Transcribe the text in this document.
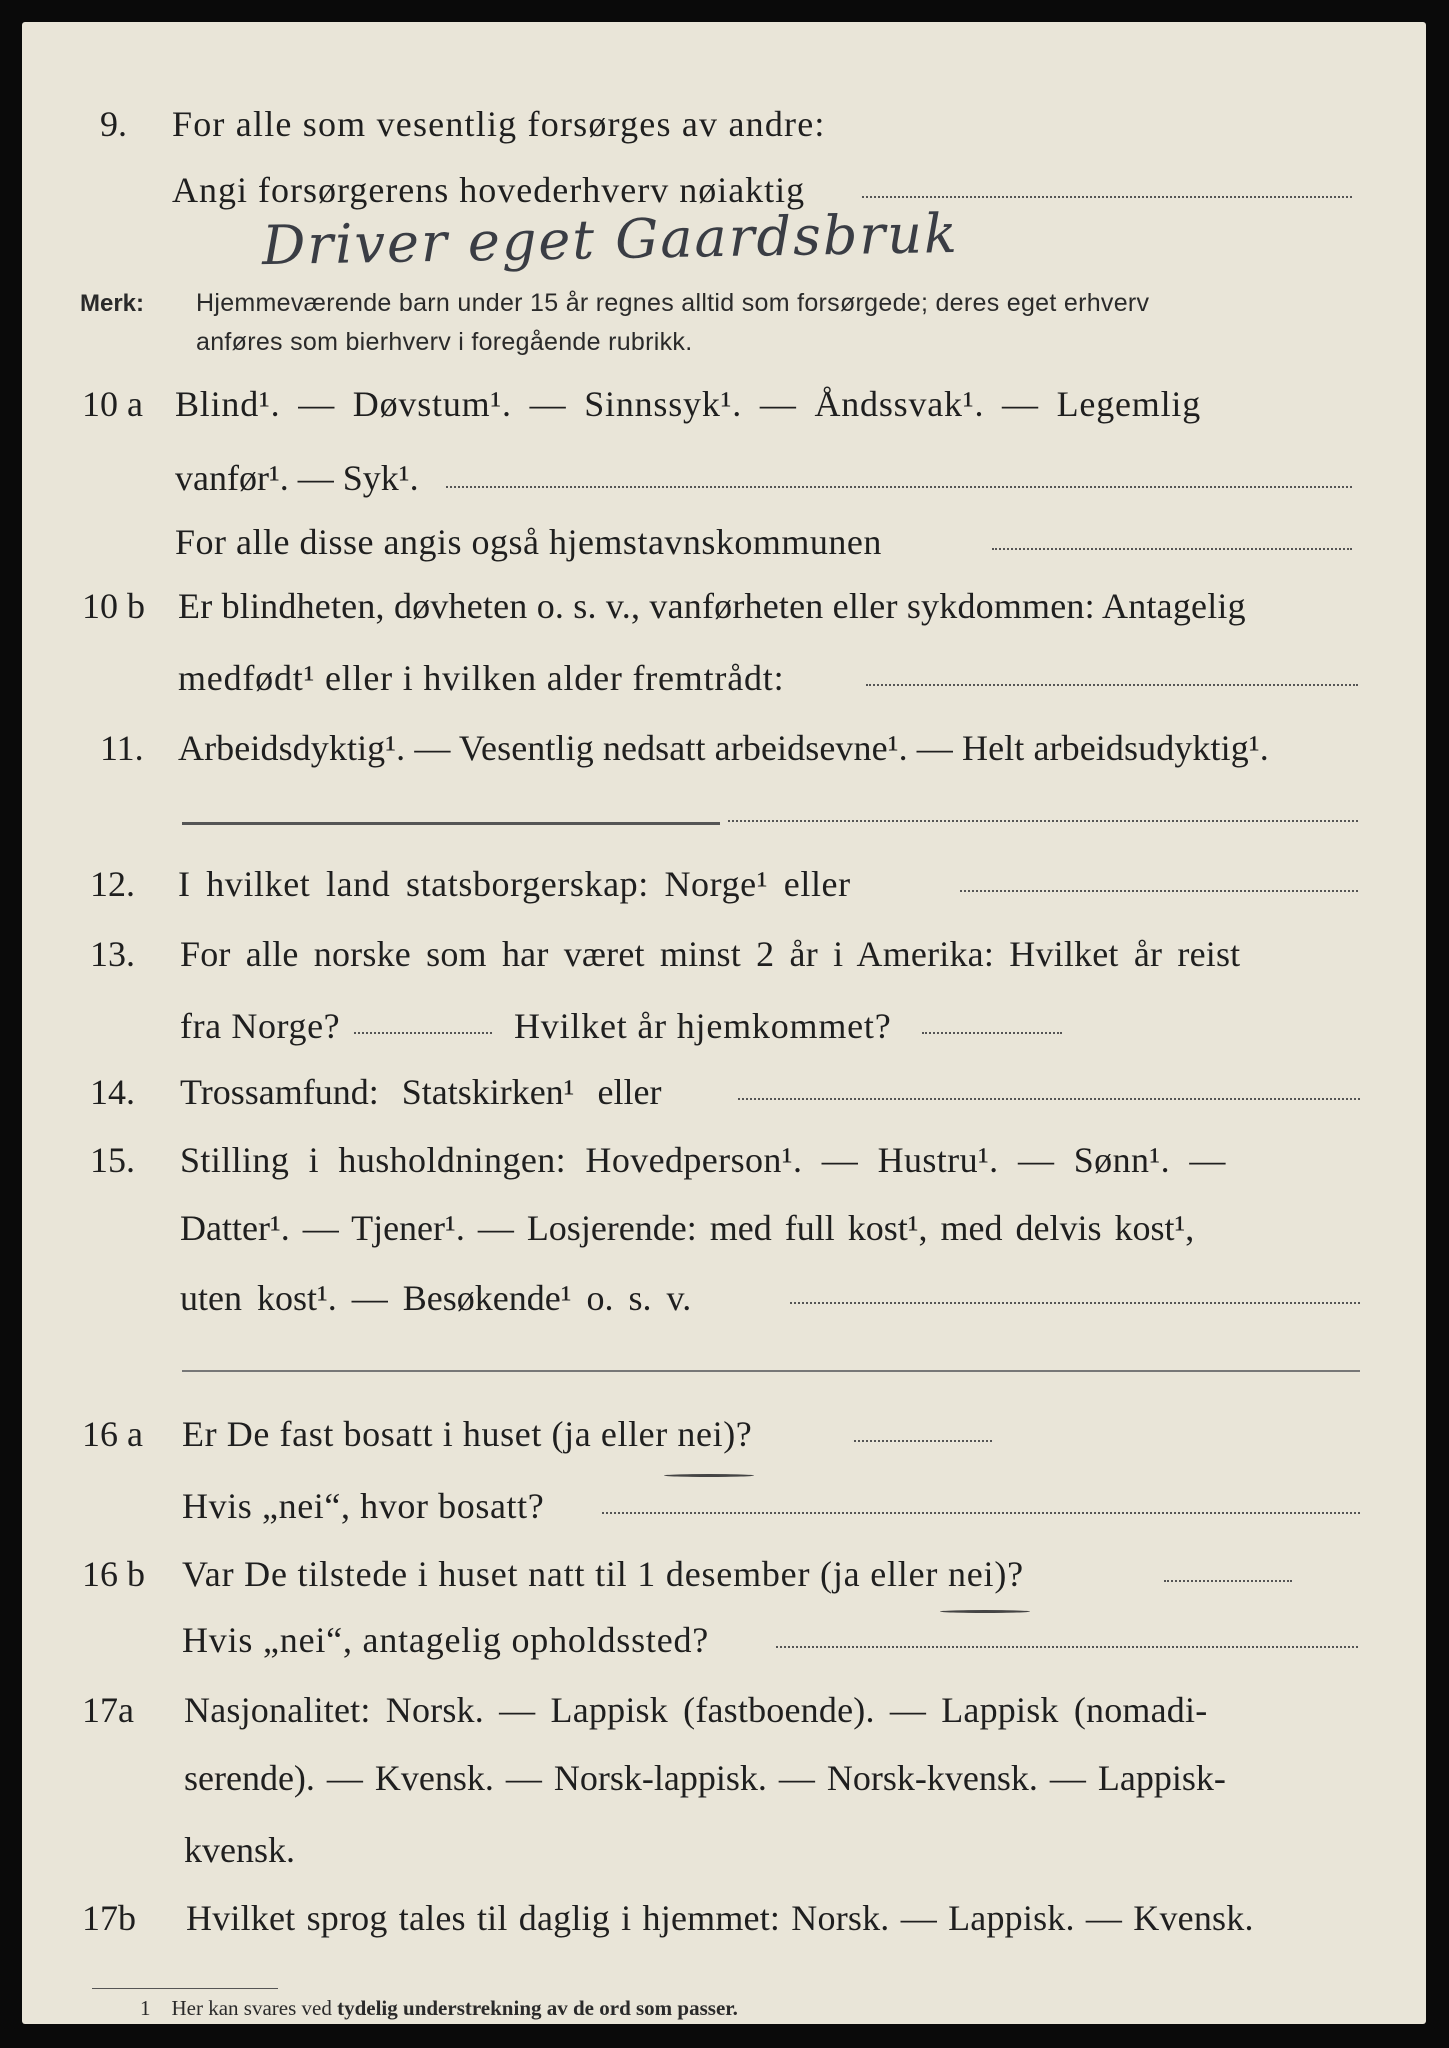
9. For alle som vesentlig forsørges av andre:
Angi forsørgerens hovederhverv nøiaktig
Driver eget Gaardsbruk
Merk: Hjemmeværende barn under 15 år regnes alltid som forsørgede; deres eget erhverv
anføres som bierhverv i foregående rubrikk.
10 a Blind¹. — Døvstum¹. — Sinnssyk¹. — Åndssvak¹. — Legemlig
vanfør¹. — Syk¹.
For alle disse angis også hjemstavnskommunen
10 b Er blindheten, døvheten o. s. v., vanførheten eller sykdommen: Antagelig
medfødt¹ eller i hvilken alder fremtrådt:
11. Arbeidsdyktig¹. — Vesentlig nedsatt arbeidsevne¹. — Helt arbeidsudyktig¹.
12. I hvilket land statsborgerskap: Norge¹ eller
13. For alle norske som har været minst 2 år i Amerika: Hvilket år reist
fra Norge?	Hvilket år hjemkommet?
14. Trossamfund: Statskirken¹ eller
15. Stilling i husholdningen: Hovedperson¹. — Hustru¹. — Sønn¹. —
Datter¹. — Tjener¹. — Losjerende: med full kost¹, med delvis kost¹,
uten kost¹. — Besøkende¹ o. s. v.
16 a Er De fast bosatt i huset (ja eller nei)?
Hvis „nei“, hvor bosatt?
16 b Var De tilstede i huset natt til 1 desember (ja eller nei)?
Hvis „nei“, antagelig opholdssted?
17a Nasjonalitet: Norsk. — Lappisk (fastboende). — Lappisk (nomadi-
serende). — Kvensk. — Norsk-lappisk. — Norsk-kvensk. — Lappisk-
kvensk.
17b Hvilket sprog tales til daglig i hjemmet: Norsk. — Lappisk. — Kvensk.
1 Her kan svares ved tydelig understrekning av de ord som passer.
